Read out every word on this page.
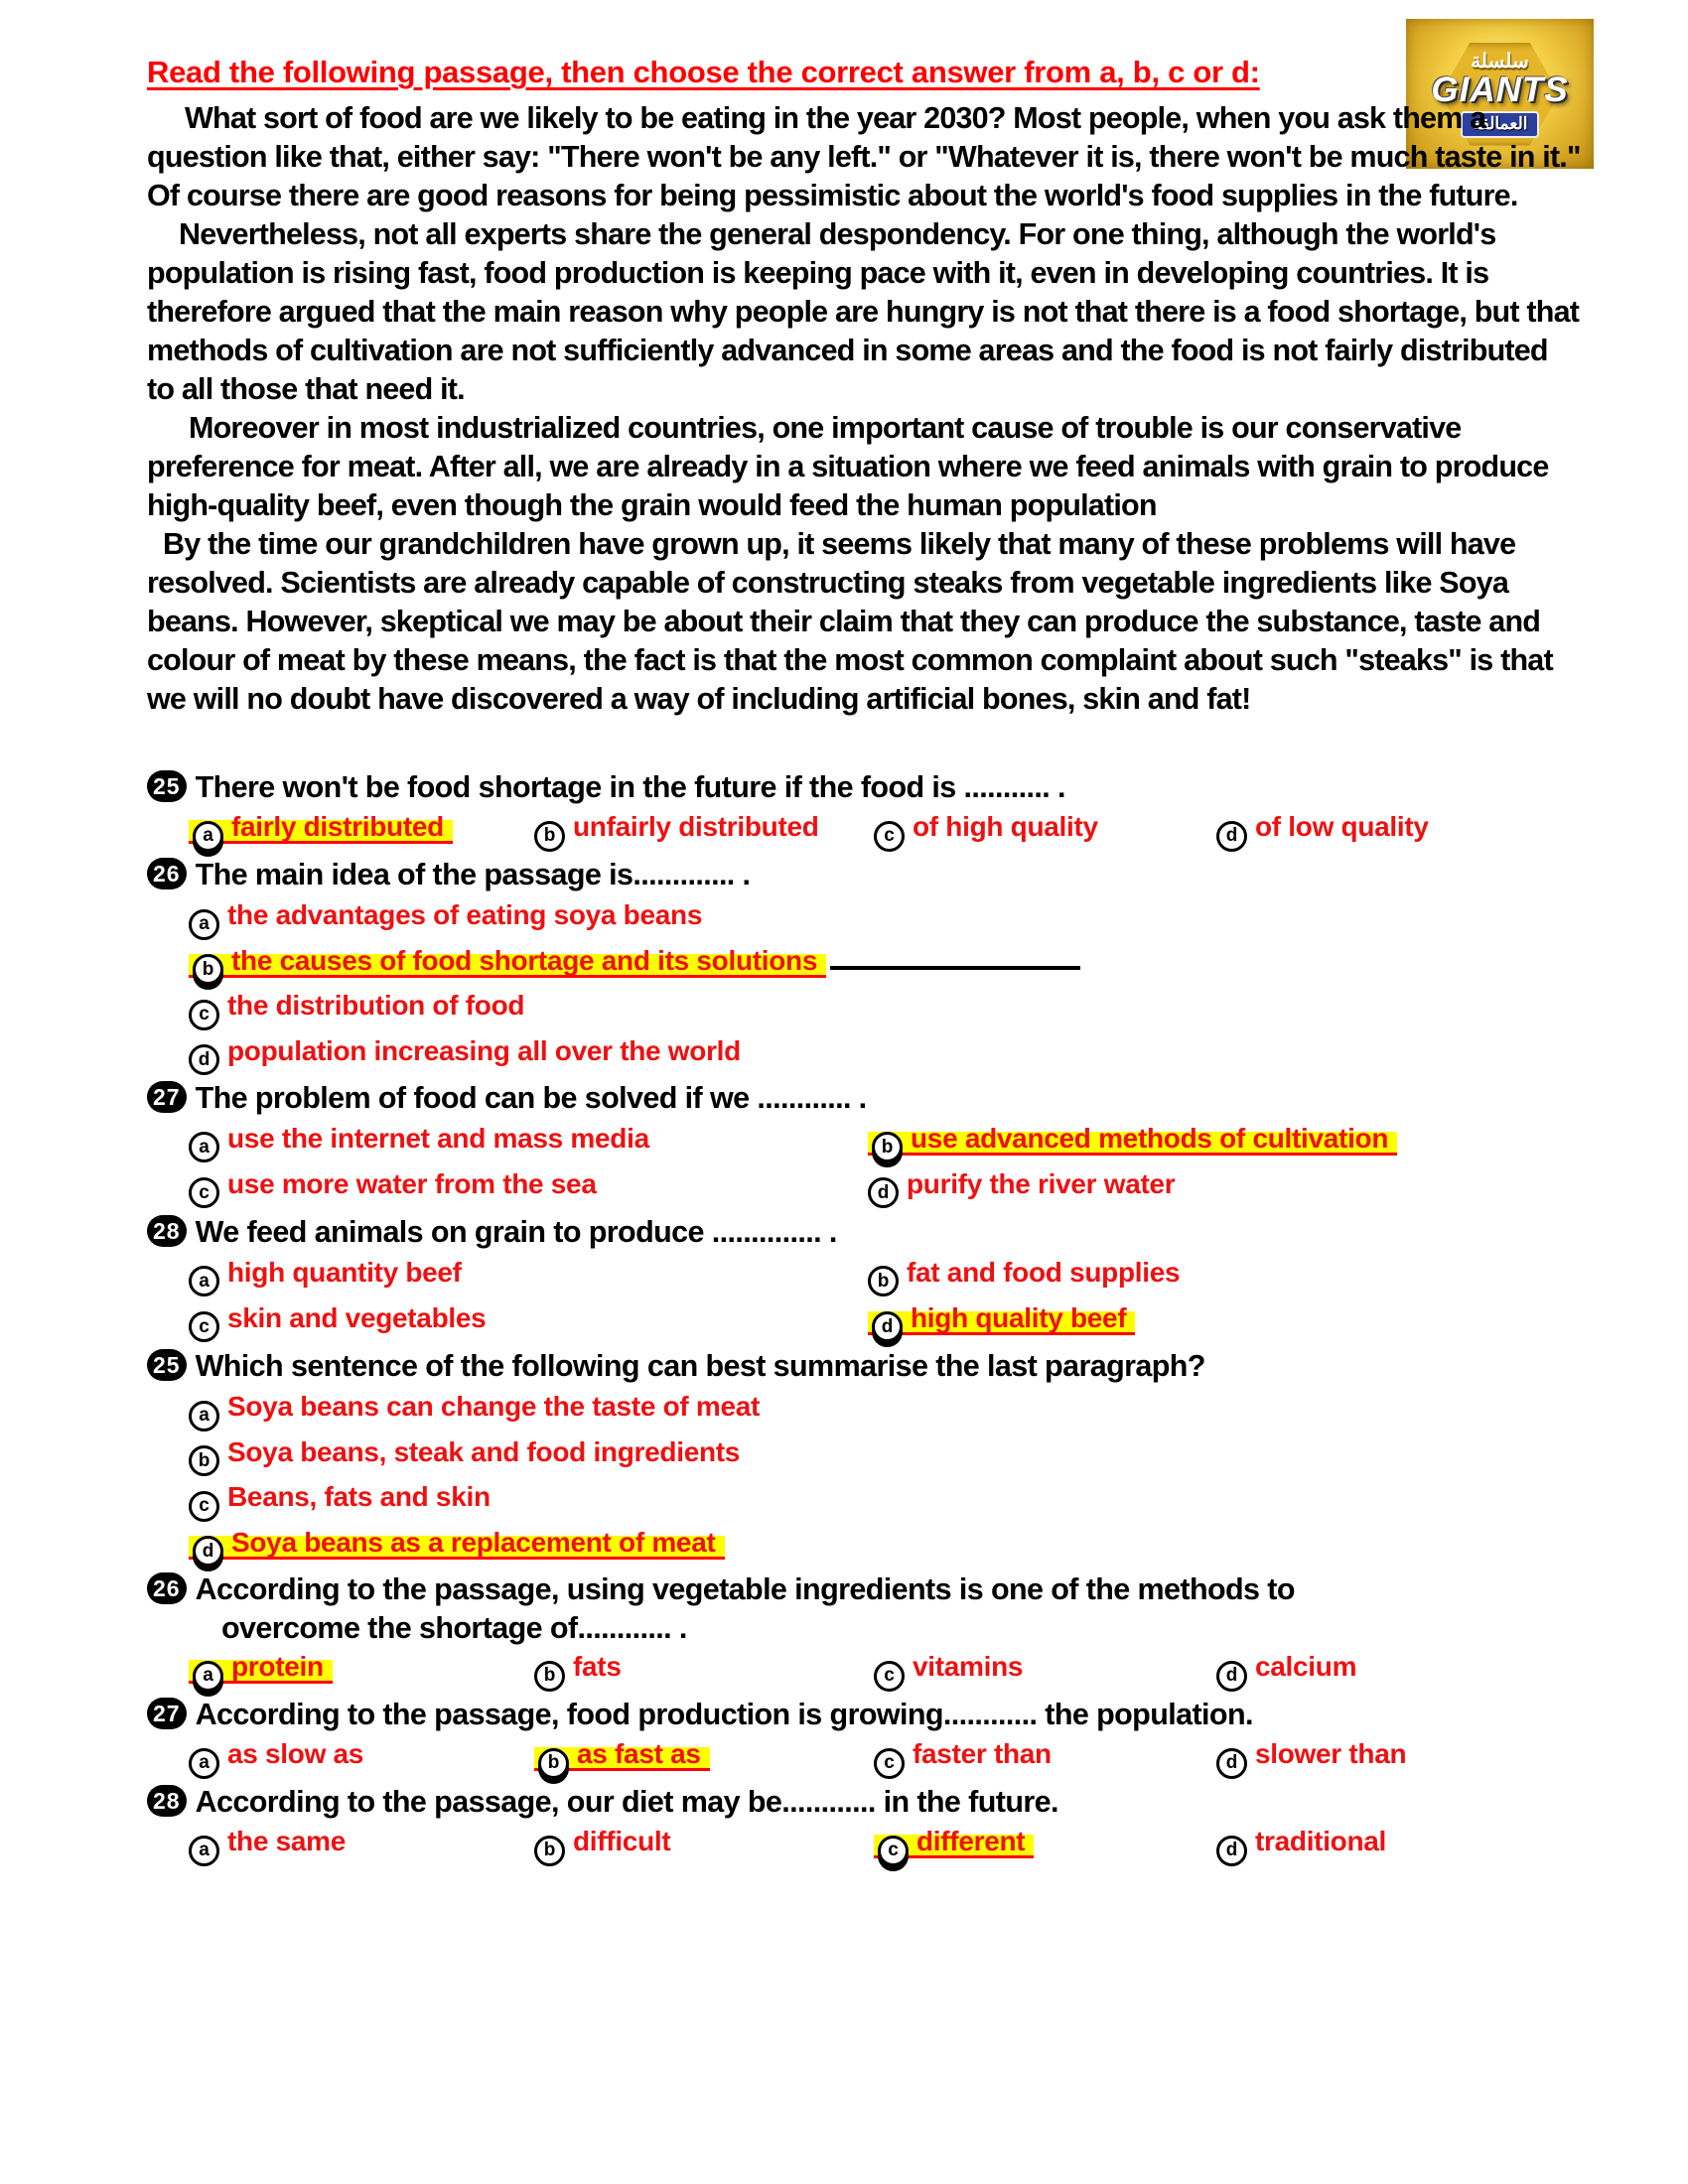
سلسلة
GIANTS
العمالقة
Read the following passage, then choose the correct answer from a, b, c or d:

What sort of food are we likely to be eating in the year 2030? Most people, when you ask them a question like that, either say: "There won't be any left." or "Whatever it is, there won't be much taste in it." Of course there are good reasons for being pessimistic about the world's food supplies in the future.

Nevertheless, not all experts share the general despondency. For one thing, although the world's population is rising fast, food production is keeping pace with it, even in developing countries. It is therefore argued that the main reason why people are hungry is not that there is a food shortage, but that methods of cultivation are not sufficiently advanced in some areas and the food is not fairly distributed to all those that need it.

Moreover in most industrialized countries, one important cause of trouble is our conservative preference for meat. After all, we are already in a situation where we feed animals with grain to produce high-quality beef, even though the grain would feed the human population

By the time our grandchildren have grown up, it seems likely that many of these problems will have resolved. Scientists are already capable of constructing steaks from vegetable ingredients like Soya beans. However, skeptical we may be about their claim that they can produce the substance, taste and colour of meat by these means, the fact is that the most common complaint about such "steaks" is that we will no doubt have discovered a way of including artificial bones, skin and fat!

25 There won't be food shortage in the future if the food is ........... .
a fairly distributed	b unfairly distributed	c of high quality	d of low quality
26 The main idea of the passage is............. .
a the advantages of eating soya beans
b the causes of food shortage and its solutions
c the distribution of food
d population increasing all over the world
27 The problem of food can be solved if we ............ .
a use the internet and mass media	b use advanced methods of cultivation
c use more water from the sea	d purify the river water
28 We feed animals on grain to produce .............. .
a high quantity beef	b fat and food supplies
c skin and vegetables	d high quality beef
25 Which sentence of the following can best summarise the last paragraph?
a Soya beans can change the taste of meat
b Soya beans, steak and food ingredients
c Beans, fats and skin
d Soya beans as a replacement of meat
26 According to the passage, using vegetable ingredients is one of the methods to
overcome the shortage of............ .
a protein	b fats	c vitamins	d calcium
27 According to the passage, food production is growing............ the population.
a as slow as	b as fast as	c faster than	d slower than
28 According to the passage, our diet may be............ in the future.
a the same	b difficult	c different	d traditional
